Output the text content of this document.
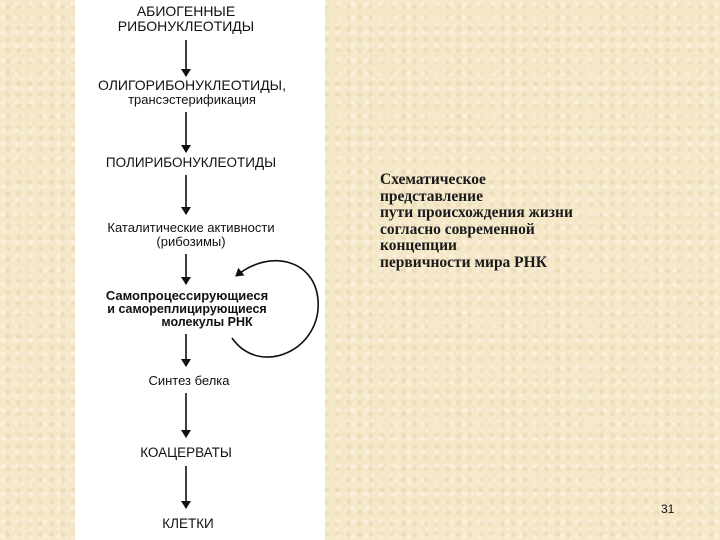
АБИОГЕННЫЕ
РИБОНУКЛЕОТИДЫ
ОЛИГОРИБОНУКЛЕОТИДЫ,
трансэстерификация
ПОЛИРИБОНУКЛЕОТИДЫ
Каталитические активности
(рибозимы)
Самопроцессирующиеся
и самореплицирующиеся
молекулы РНК
Синтез белка
КОАЦЕРВАТЫ
КЛЕТКИ
Схематическое
представление
пути происхождения жизни
согласно современной
концепции
первичности мира РНК
31
